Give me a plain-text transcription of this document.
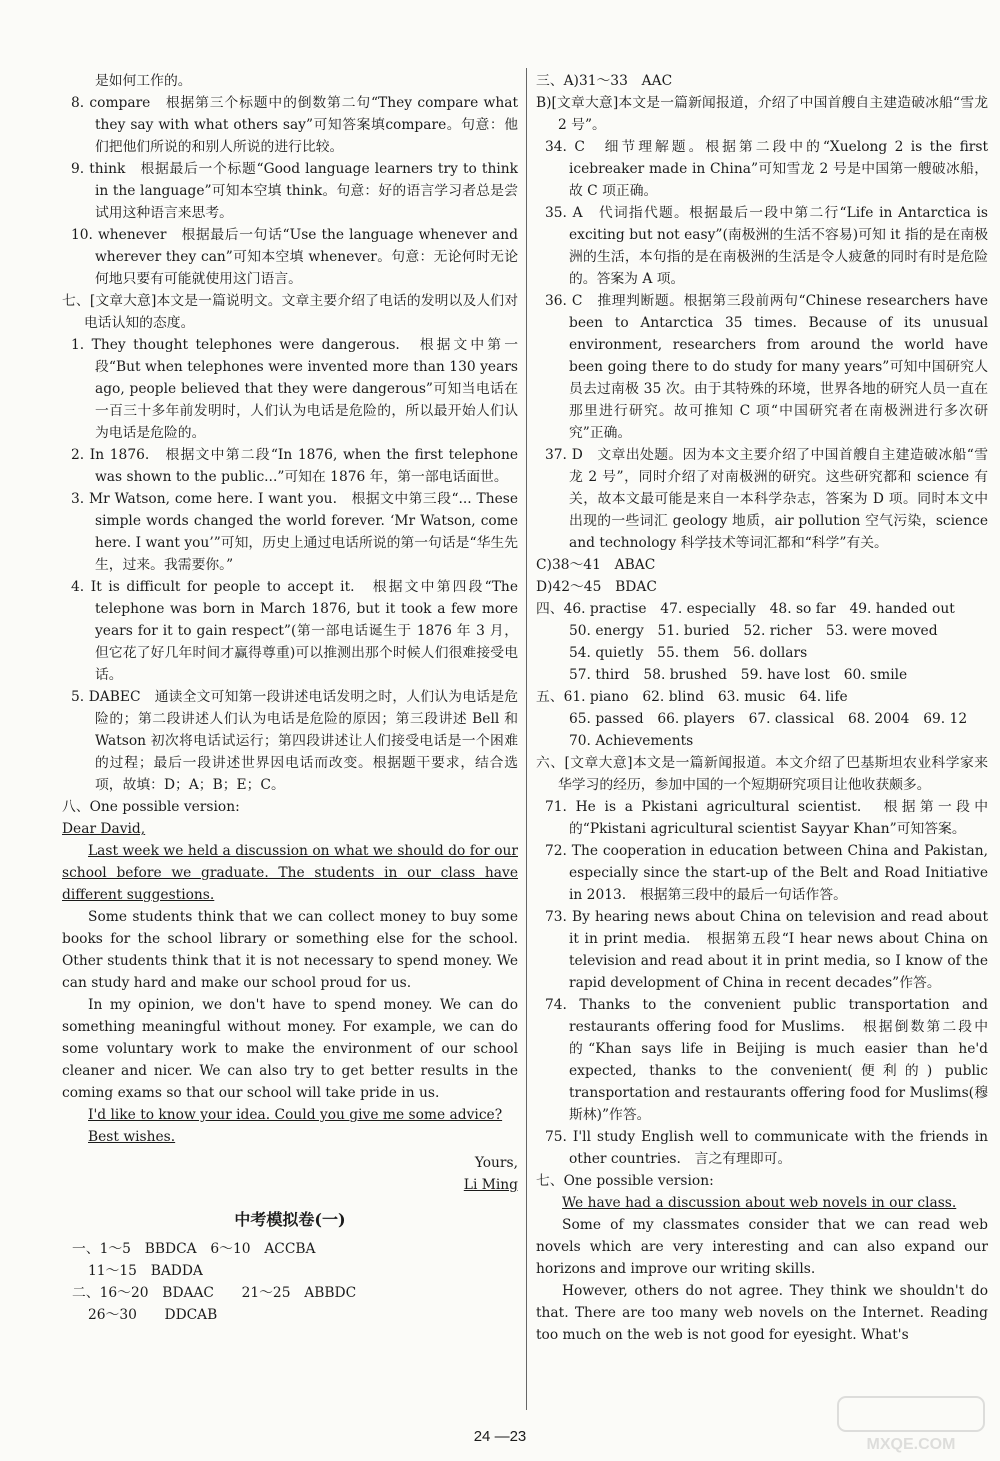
是如何工作的。

8. compare　根据第三个标题中的倒数第二句“They compare what they say with what others say”可知答案填compare。句意：他们把他们所说的和别人所说的进行比较。

9. think　根据最后一个标题“Good language learners try to think in the language”可知本空填 think。句意：好的语言学习者总是尝试用这种语言来思考。

10. whenever　根据最后一句话“Use the language whenever and wherever they can”可知本空填 whenever。句意：无论何时无论何地只要有可能就使用这门语言。

七、[文章大意]本文是一篇说明文。文章主要介绍了电话的发明以及人们对电话认知的态度。

1. They thought telephones were dangerous.　根据文中第一段“But when telephones were invented more than 130 years ago, people believed that they were dangerous”可知当电话在一百三十多年前发明时，人们认为电话是危险的，所以最开始人们认为电话是危险的。

2. In 1876.　根据文中第二段“In 1876, when the first telephone was shown to the public...”可知在 1876 年，第一部电话面世。

3. Mr Watson, come here. I want you.　根据文中第三段“... These simple words changed the world forever. ‘Mr Watson, come here. I want you’”可知，历史上通过电话所说的第一句话是“华生先生，过来。我需要你。”

4. It is difficult for people to accept it.　根据文中第四段“The telephone was born in March 1876, but it took a few more years for it to gain respect”(第一部电话诞生于 1876 年 3 月，但它花了好几年时间才赢得尊重)可以推测出那个时候人们很难接受电话。

5. DABEC　通读全文可知第一段讲述电话发明之时，人们认为电话是危险的；第二段讲述人们认为电话是危险的原因；第三段讲述 Bell 和 Watson 初次将电话试运行；第四段讲述让人们接受电话是一个困难的过程；最后一段讲述世界因电话而改变。根据题干要求，结合选项，故填：D；A；B；E；C。

八、One possible version:

Dear David,

Last week we held a discussion on what we should do for our school before we graduate. The students in our class have different suggestions.

Some students think that we can collect money to buy some books for the school library or something else for the school. Other students think that it is not necessary to spend money. We can study hard and make our school proud for us.

In my opinion, we don't have to spend money. We can do something meaningful without money. For example, we can do some voluntary work to make the environment of our school cleaner and nicer. We can also try to get better results in the coming exams so that our school will take pride in us.

I'd like to know your idea. Could you give me some advice?

Best wishes.

Yours,

Li Ming

中考模拟卷(一)

一、1～5　BBDCA　6～10　ACCBA

11～15　BADDA

二、16～20　BDAAC　　21～25　ABBDC

26～30　　DDCAB

三、A)31～33　AAC

B)[文章大意]本文是一篇新闻报道，介绍了中国首艘自主建造破冰船“雪龙 2 号”。

34. C　细节理解题。根据第二段中的“Xuelong 2 is the first icebreaker made in China”可知雪龙 2 号是中国第一艘破冰船，故 C 项正确。

35. A　代词指代题。根据最后一段中第二行“Life in Antarctica is exciting but not easy”(南极洲的生活不容易)可知 it 指的是在南极洲的生活，本句指的是在南极洲的生活是令人疲惫的同时有时是危险的。答案为 A 项。

36. C　推理判断题。根据第三段前两句“Chinese researchers have been to Antarctica 35 times. Because of its unusual environment, researchers from around the world have been going there to do study for many years”可知中国研究人员去过南极 35 次。由于其特殊的环境，世界各地的研究人员一直在那里进行研究。故可推知 C 项“中国研究者在南极洲进行多次研究”正确。

37. D　文章出处题。因为本文主要介绍了中国首艘自主建造破冰船“雪龙 2 号”，同时介绍了对南极洲的研究。这些研究都和 science 有关，故本文最可能是来自一本科学杂志，答案为 D 项。同时本文中出现的一些词汇 geology 地质，air pollution 空气污染，science and technology 科学技术等词汇都和“科学”有关。

C)38～41　ABAC

D)42～45　BDAC

四、46. practise　47. especially　48. so far　49. handed out

50. energy　51. buried　52. richer　53. were moved

54. quietly　55. them　56. dollars

57. third　58. brushed　59. have lost　60. smile

五、61. piano　62. blind　63. music　64. life

65. passed　66. players　67. classical　68. 2004　69. 12

70. Achievements

六、[文章大意]本文是一篇新闻报道。本文介绍了巴基斯坦农业科学家来华学习的经历，参加中国的一个短期研究项目让他收获颇多。

71. He is a Pkistani agricultural scientist.　根据第一段中的“Pkistani agricultural scientist Sayyar Khan”可知答案。

72. The cooperation in education between China and Pakistan, especially since the start-up of the Belt and Road Initiative in 2013.　根据第三段中的最后一句话作答。

73. By hearing news about China on television and read about it in print media.　根据第五段“I hear news about China on television and read about it in print media, so I know of the rapid development of China in recent decades”作答。

74. Thanks to the convenient public transportation and restaurants offering food for Muslims.　根据倒数第二段中的“Khan says life in Beijing is much easier than he'd expected, thanks to the convenient(便利的) public transportation and restaurants offering food for Muslims(穆斯林)”作答。

75. I'll study English well to communicate with the friends in other countries.　言之有理即可。

七、One possible version:

We have had a discussion about web novels in our class.

Some of my classmates consider that we can read web novels which are very interesting and can also expand our horizons and improve our writing skills.

However, others do not agree. They think we shouldn't do that. There are too many web novels on the Internet. Reading too much on the web is not good for eyesight. What's

24 —23	MXQE.COM
